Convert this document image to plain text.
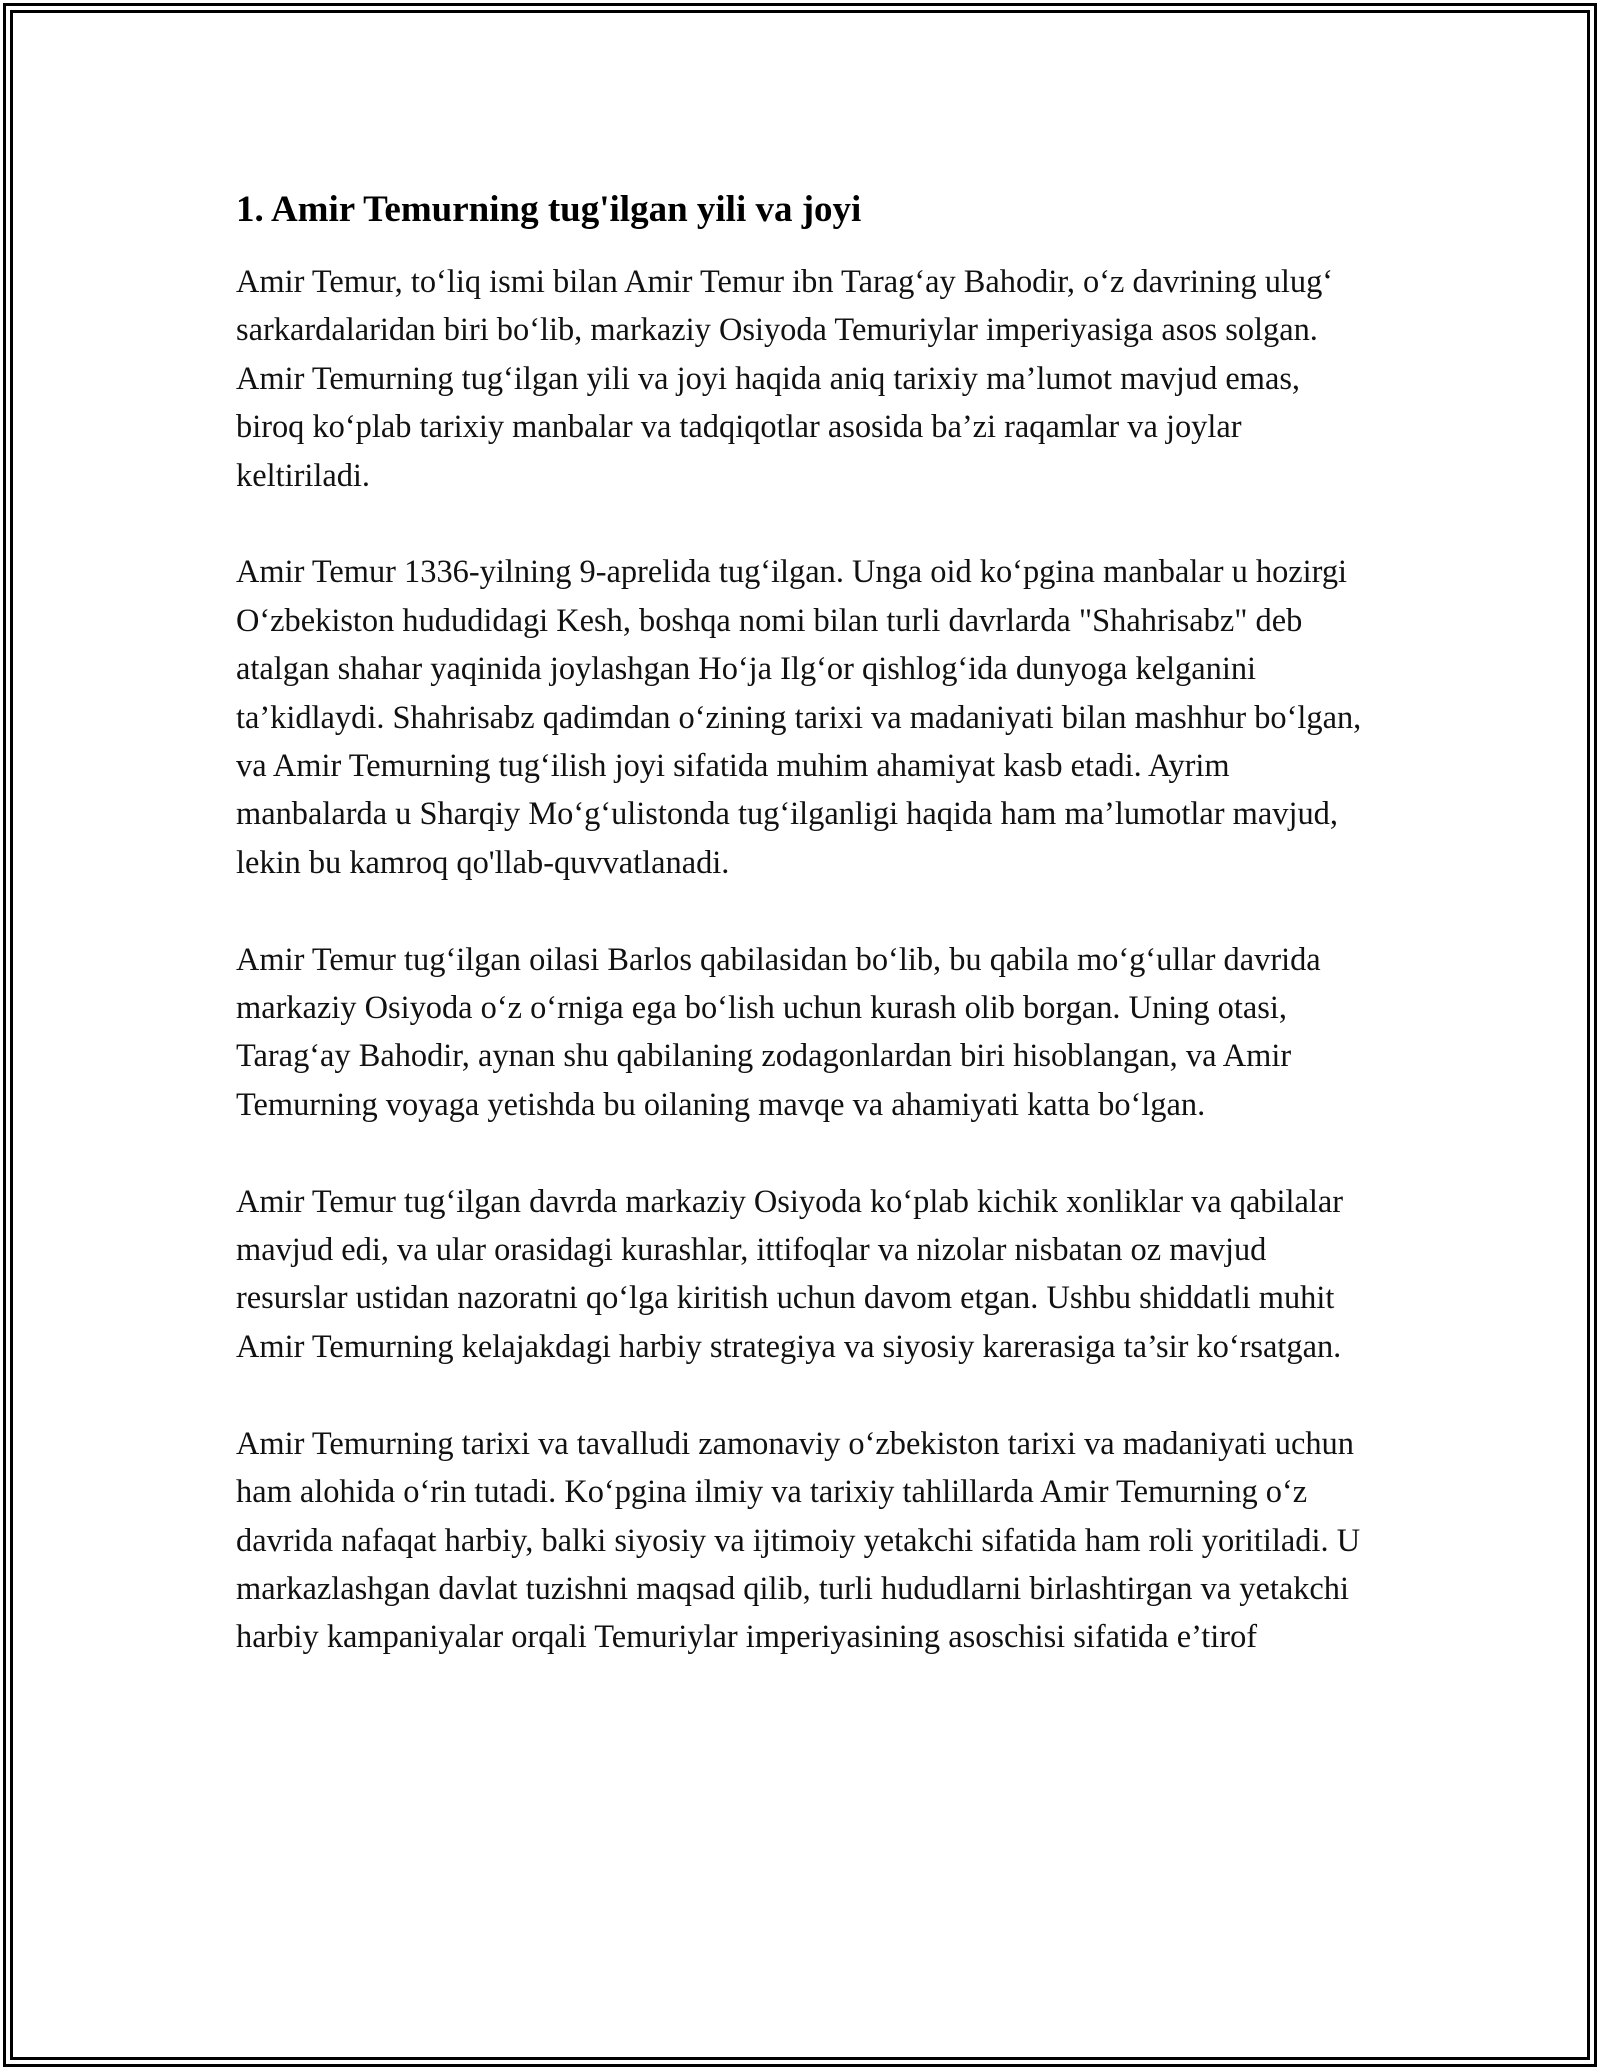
1. Amir Temurning tug'ilgan yili va joyi

Amir Temur, to‘liq ismi bilan Amir Temur ibn Tarag‘ay Bahodir, o‘z davrining ulug‘ sarkardalaridan biri bo‘lib, markaziy Osiyoda Temuriylar imperiyasiga asos solgan. Amir Temurning tug‘ilgan yili va joyi haqida aniq tarixiy ma’lumot mavjud emas, biroq ko‘plab tarixiy manbalar va tadqiqotlar asosida ba’zi raqamlar va joylar keltiriladi.

Amir Temur 1336-yilning 9-aprelida tug‘ilgan. Unga oid ko‘pgina manbalar u hozirgi O‘zbekiston hududidagi Kesh, boshqa nomi bilan turli davrlarda "Shahrisabz" deb atalgan shahar yaqinida joylashgan Ho‘ja Ilg‘or qishlog‘ida dunyoga kelganini ta’kidlaydi. Shahrisabz qadimdan o‘zining tarixi va madaniyati bilan mashhur bo‘lgan, va Amir Temurning tug‘ilish joyi sifatida muhim ahamiyat kasb etadi. Ayrim manbalarda u Sharqiy Mo‘g‘ulistonda tug‘ilganligi haqida ham ma’lumotlar mavjud, lekin bu kamroq qo'llab-quvvatlanadi.

Amir Temur tug‘ilgan oilasi Barlos qabilasidan bo‘lib, bu qabila mo‘g‘ullar davrida markaziy Osiyoda o‘z o‘rniga ega bo‘lish uchun kurash olib borgan. Uning otasi, Tarag‘ay Bahodir, aynan shu qabilaning zodagonlardan biri hisoblangan, va Amir Temurning voyaga yetishda bu oilaning mavqe va ahamiyati katta bo‘lgan.

Amir Temur tug‘ilgan davrda markaziy Osiyoda ko‘plab kichik xonliklar va qabilalar mavjud edi, va ular orasidagi kurashlar, ittifoqlar va nizolar nisbatan oz mavjud resurslar ustidan nazoratni qo‘lga kiritish uchun davom etgan. Ushbu shiddatli muhit Amir Temurning kelajakdagi harbiy strategiya va siyosiy karerasiga ta’sir ko‘rsatgan.

Amir Temurning tarixi va tavalludi zamonaviy o‘zbekiston tarixi va madaniyati uchun ham alohida o‘rin tutadi. Ko‘pgina ilmiy va tarixiy tahlillarda Amir Temurning o‘z davrida nafaqat harbiy, balki siyosiy va ijtimoiy yetakchi sifatida ham roli yoritiladi. U markazlashgan davlat tuzishni maqsad qilib, turli hududlarni birlashtirgan va yetakchi harbiy kampaniyalar orqali Temuriylar imperiyasining asoschisi sifatida e’tirof
